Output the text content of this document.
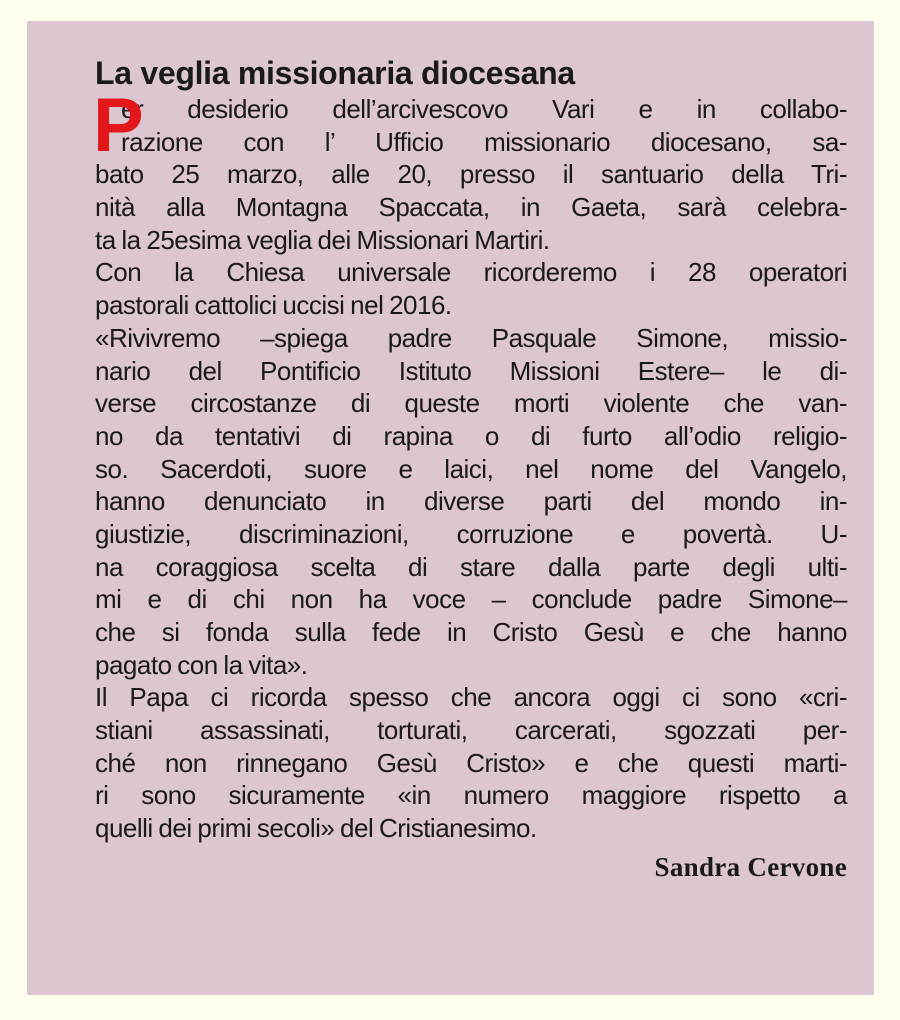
La veglia missionaria diocesana
P
er desiderio dell’arcivescovo Vari e in collabo-
razione con l’ Ufficio missionario diocesano, sa-
bato 25 marzo, alle 20, presso il santuario della Tri-
nità alla Montagna Spaccata, in Gaeta, sarà celebra-
ta la 25esima veglia dei Missionari Martiri.
Con la Chiesa universale ricorderemo i 28 operatori
pastorali cattolici uccisi nel 2016.
«Rivivremo –spiega padre Pasquale Simone, missio-
nario del Pontificio Istituto Missioni Estere– le di-
verse circostanze di queste morti violente che van-
no da tentativi di rapina o di furto all’odio religio-
so. Sacerdoti, suore e laici, nel nome del Vangelo,
hanno denunciato in diverse parti del mondo in-
giustizie, discriminazioni, corruzione e povertà. U-
na coraggiosa scelta di stare dalla parte degli ulti-
mi e di chi non ha voce – conclude padre Simone–
che si fonda sulla fede in Cristo Gesù e che hanno
pagato con la vita».
Il Papa ci ricorda spesso che ancora oggi ci sono «cri-
stiani assassinati, torturati, carcerati, sgozzati per-
ché non rinnegano Gesù Cristo» e che questi marti-
ri sono sicuramente «in numero maggiore rispetto a
quelli dei primi secoli» del Cristianesimo.
Sandra Cervone
